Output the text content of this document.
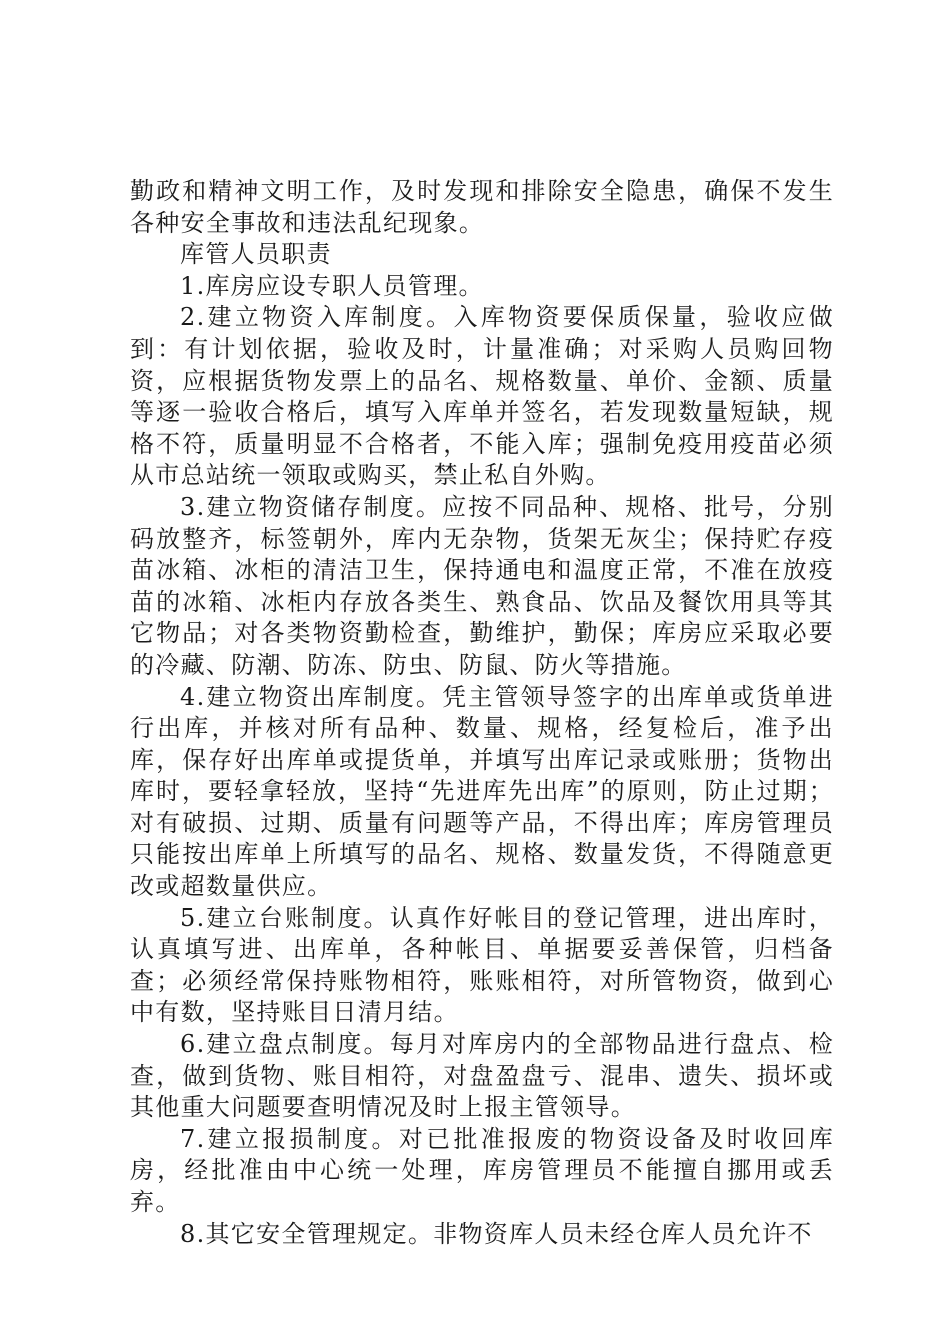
勤政和精神文明工作，及时发现和排除安全隐患，确保不发生各种安全事故和违法乱纪现象。

库管人员职责

1.库房应设专职人员管理。

2.建立物资入库制度。入库物资要保质保量，验收应做到：有计划依据，验收及时，计量准确；对采购人员购回物资，应根据货物发票上的品名、规格数量、单价、金额、质量等逐一验收合格后，填写入库单并签名，若发现数量短缺，规格不符，质量明显不合格者，不能入库；强制免疫用疫苗必须从市总站统一领取或购买，禁止私自外购。

3.建立物资储存制度。应按不同品种、规格、批号，分别码放整齐，标签朝外，库内无杂物，货架无灰尘；保持贮存疫苗冰箱、冰柜的清洁卫生，保持通电和温度正常，不准在放疫苗的冰箱、冰柜内存放各类生、熟食品、饮品及餐饮用具等其它物品；对各类物资勤检查，勤维护，勤保；库房应采取必要的冷藏、防潮、防冻、防虫、防鼠、防火等措施。

4.建立物资出库制度。凭主管领导签字的出库单或货单进行出库，并核对所有品种、数量、规格，经复检后，准予出库，保存好出库单或提货单，并填写出库记录或账册；货物出库时，要轻拿轻放，坚持“先进库先出库”的原则，防止过期；对有破损、过期、质量有问题等产品，不得出库；库房管理员只能按出库单上所填写的品名、规格、数量发货，不得随意更改或超数量供应。

5.建立台账制度。认真作好帐目的登记管理，进出库时，认真填写进、出库单，各种帐目、单据要妥善保管，归档备查；必须经常保持账物相符，账账相符，对所管物资，做到心中有数，坚持账目日清月结。

6.建立盘点制度。每月对库房内的全部物品进行盘点、检查，做到货物、账目相符，对盘盈盘亏、混串、遗失、损坏或其他重大问题要查明情况及时上报主管领导。

7.建立报损制度。对已批准报废的物资设备及时收回库房，经批准由中心统一处理，库房管理员不能擅自挪用或丢弃。

8.其它安全管理规定。非物资库人员未经仓库人员允许不
